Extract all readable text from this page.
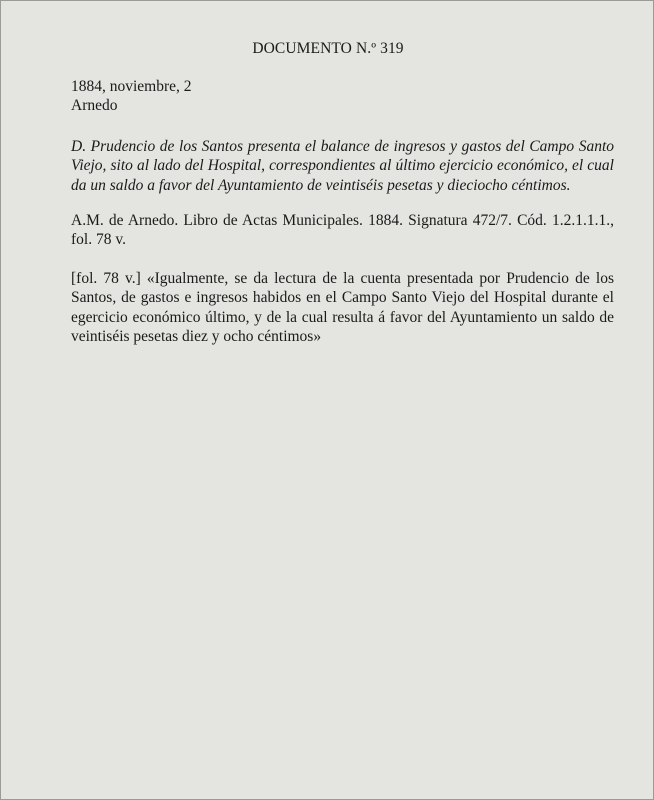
DOCUMENTO N.º 319

1884, noviembre, 2

Arnedo

D. Prudencio de los Santos presenta el balance de ingresos y gastos del Campo Santo Viejo, sito al lado del Hospital, correspondientes al último ejercicio económico, el cual da un saldo a favor del Ayuntamiento de veintiséis pesetas y dieciocho céntimos.

A.M. de Arnedo. Libro de Actas Municipales. 1884. Signatura 472/7. Cód. 1.2.1.1.1., fol. 78 v.

[fol. 78 v.] «Igualmente, se da lectura de la cuenta presentada por Prudencio de los Santos, de gastos e ingresos habidos en el Campo Santo Viejo del Hospital durante el egercicio económico último, y de la cual resulta á favor del Ayuntamiento un saldo de veintiséis pesetas diez y ocho céntimos»
